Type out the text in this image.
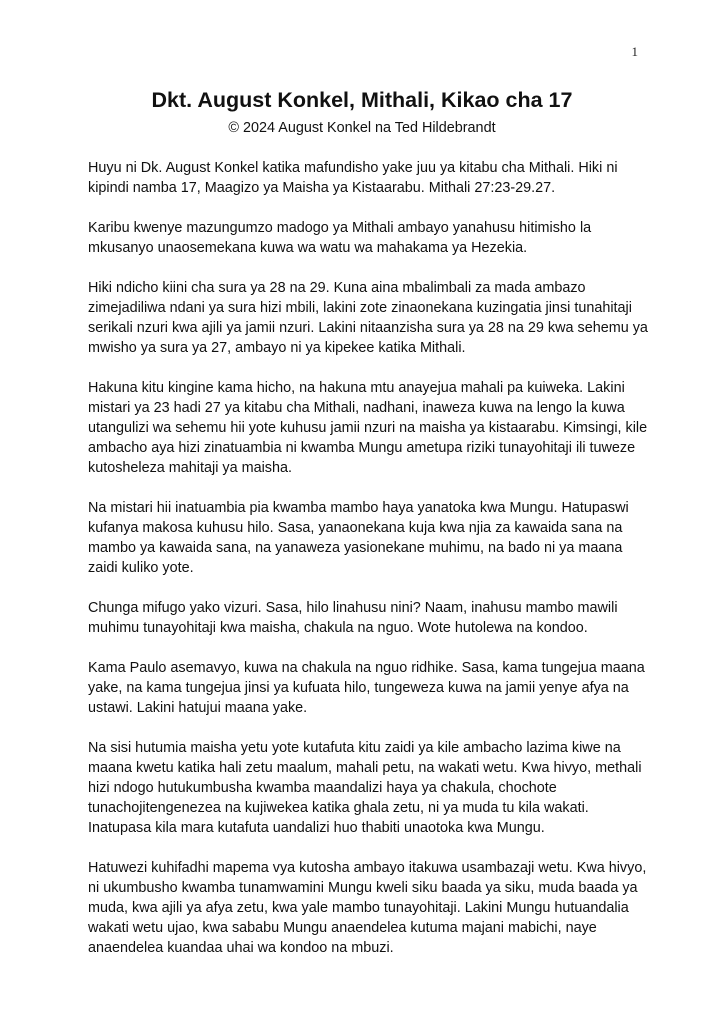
1
Dkt. August Konkel, Mithali, Kikao cha 17

© 2024 August Konkel na Ted Hildebrandt

Huyu ni Dk. August Konkel katika mafundisho yake juu ya kitabu cha Mithali. Hiki ni kipindi namba 17, Maagizo ya Maisha ya Kistaarabu. Mithali 27:23-29.27.

Karibu kwenye mazungumzo madogo ya Mithali ambayo yanahusu hitimisho la mkusanyo unaosemekana kuwa wa watu wa mahakama ya Hezekia.

Hiki ndicho kiini cha sura ya 28 na 29. Kuna aina mbalimbali za mada ambazo zimejadiliwa ndani ya sura hizi mbili, lakini zote zinaonekana kuzingatia jinsi tunahitaji serikali nzuri kwa ajili ya jamii nzuri. Lakini nitaanzisha sura ya 28 na 29 kwa sehemu ya mwisho ya sura ya 27, ambayo ni ya kipekee katika Mithali.

Hakuna kitu kingine kama hicho, na hakuna mtu anayejua mahali pa kuiweka. Lakini mistari ya 23 hadi 27 ya kitabu cha Mithali, nadhani, inaweza kuwa na lengo la kuwa utangulizi wa sehemu hii yote kuhusu jamii nzuri na maisha ya kistaarabu. Kimsingi, kile ambacho aya hizi zinatuambia ni kwamba Mungu ametupa riziki tunayohitaji ili tuweze kutosheleza mahitaji ya maisha.

Na mistari hii inatuambia pia kwamba mambo haya yanatoka kwa Mungu. Hatupaswi kufanya makosa kuhusu hilo. Sasa, yanaonekana kuja kwa njia za kawaida sana na mambo ya kawaida sana, na yanaweza yasionekane muhimu, na bado ni ya maana zaidi kuliko yote.

Chunga mifugo yako vizuri. Sasa, hilo linahusu nini? Naam, inahusu mambo mawili muhimu tunayohitaji kwa maisha, chakula na nguo. Wote hutolewa na kondoo.

Kama Paulo asemavyo, kuwa na chakula na nguo ridhike. Sasa, kama tungejua maana yake, na kama tungejua jinsi ya kufuata hilo, tungeweza kuwa na jamii yenye afya na ustawi. Lakini hatujui maana yake.

Na sisi hutumia maisha yetu yote kutafuta kitu zaidi ya kile ambacho lazima kiwe na maana kwetu katika hali zetu maalum, mahali petu, na wakati wetu. Kwa hivyo, methali hizi ndogo hutukumbusha kwamba maandalizi haya ya chakula, chochote tunachojitengenezea na kujiwekea katika ghala zetu, ni ya muda tu kila wakati. Inatupasa kila mara kutafuta uandalizi huo thabiti unaotoka kwa Mungu.

Hatuwezi kuhifadhi mapema vya kutosha ambayo itakuwa usambazaji wetu. Kwa hivyo, ni ukumbusho kwamba tunamwamini Mungu kweli siku baada ya siku, muda baada ya muda, kwa ajili ya afya zetu, kwa yale mambo tunayohitaji. Lakini Mungu hutuandalia wakati wetu ujao, kwa sababu Mungu anaendelea kutuma majani mabichi, naye anaendelea kuandaa uhai wa kondoo na mbuzi.
